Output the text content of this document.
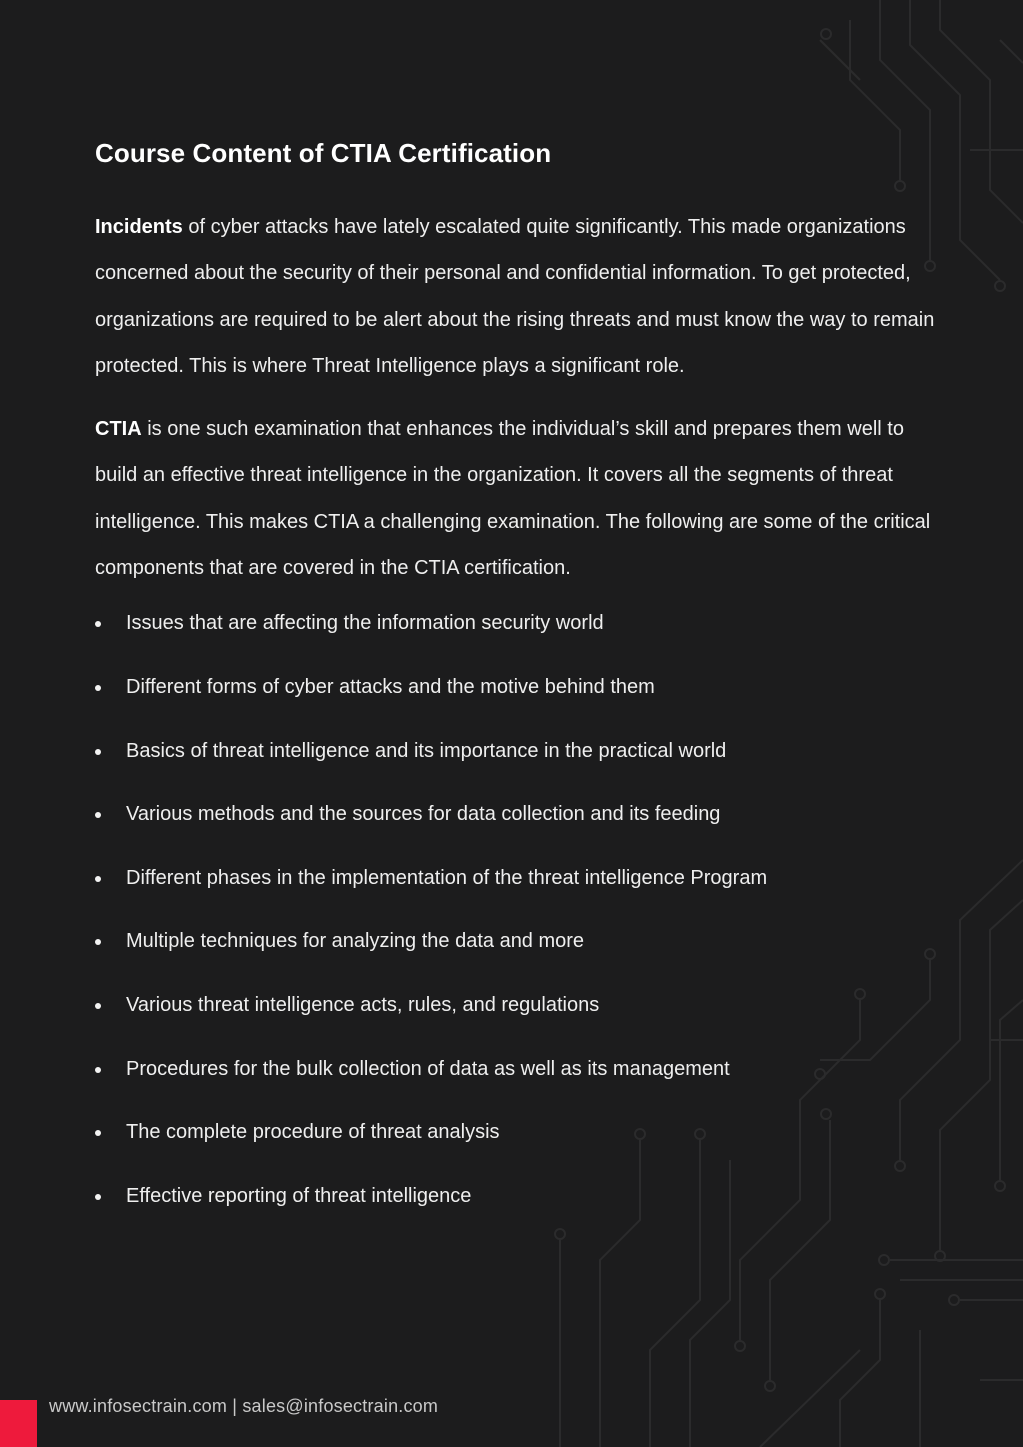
Course Content of CTIA Certification

Incidents of cyber attacks have lately escalated quite significantly. This made organizations concerned about the security of their personal and confidential information. To get protected, organizations are required to be alert about the rising threats and must know the way to remain protected. This is where Threat Intelligence plays a significant role.

CTIA is one such examination that enhances the individual’s skill and prepares them well to build an effective threat intelligence in the organization. It covers all the segments of threat intelligence. This makes CTIA a challenging examination. The following are some of the critical components that are covered in the CTIA certification.

Issues that are affecting the information security world
Different forms of cyber attacks and the motive behind them
Basics of threat intelligence and its importance in the practical world
Various methods and the sources for data collection and its feeding
Different phases in the implementation of the threat intelligence Program
Multiple techniques for analyzing the data and more
Various threat intelligence acts, rules, and regulations
Procedures for the bulk collection of data as well as its management
The complete procedure of threat analysis
Effective reporting of threat intelligence
www.infosectrain.com | sales@infosectrain.com
